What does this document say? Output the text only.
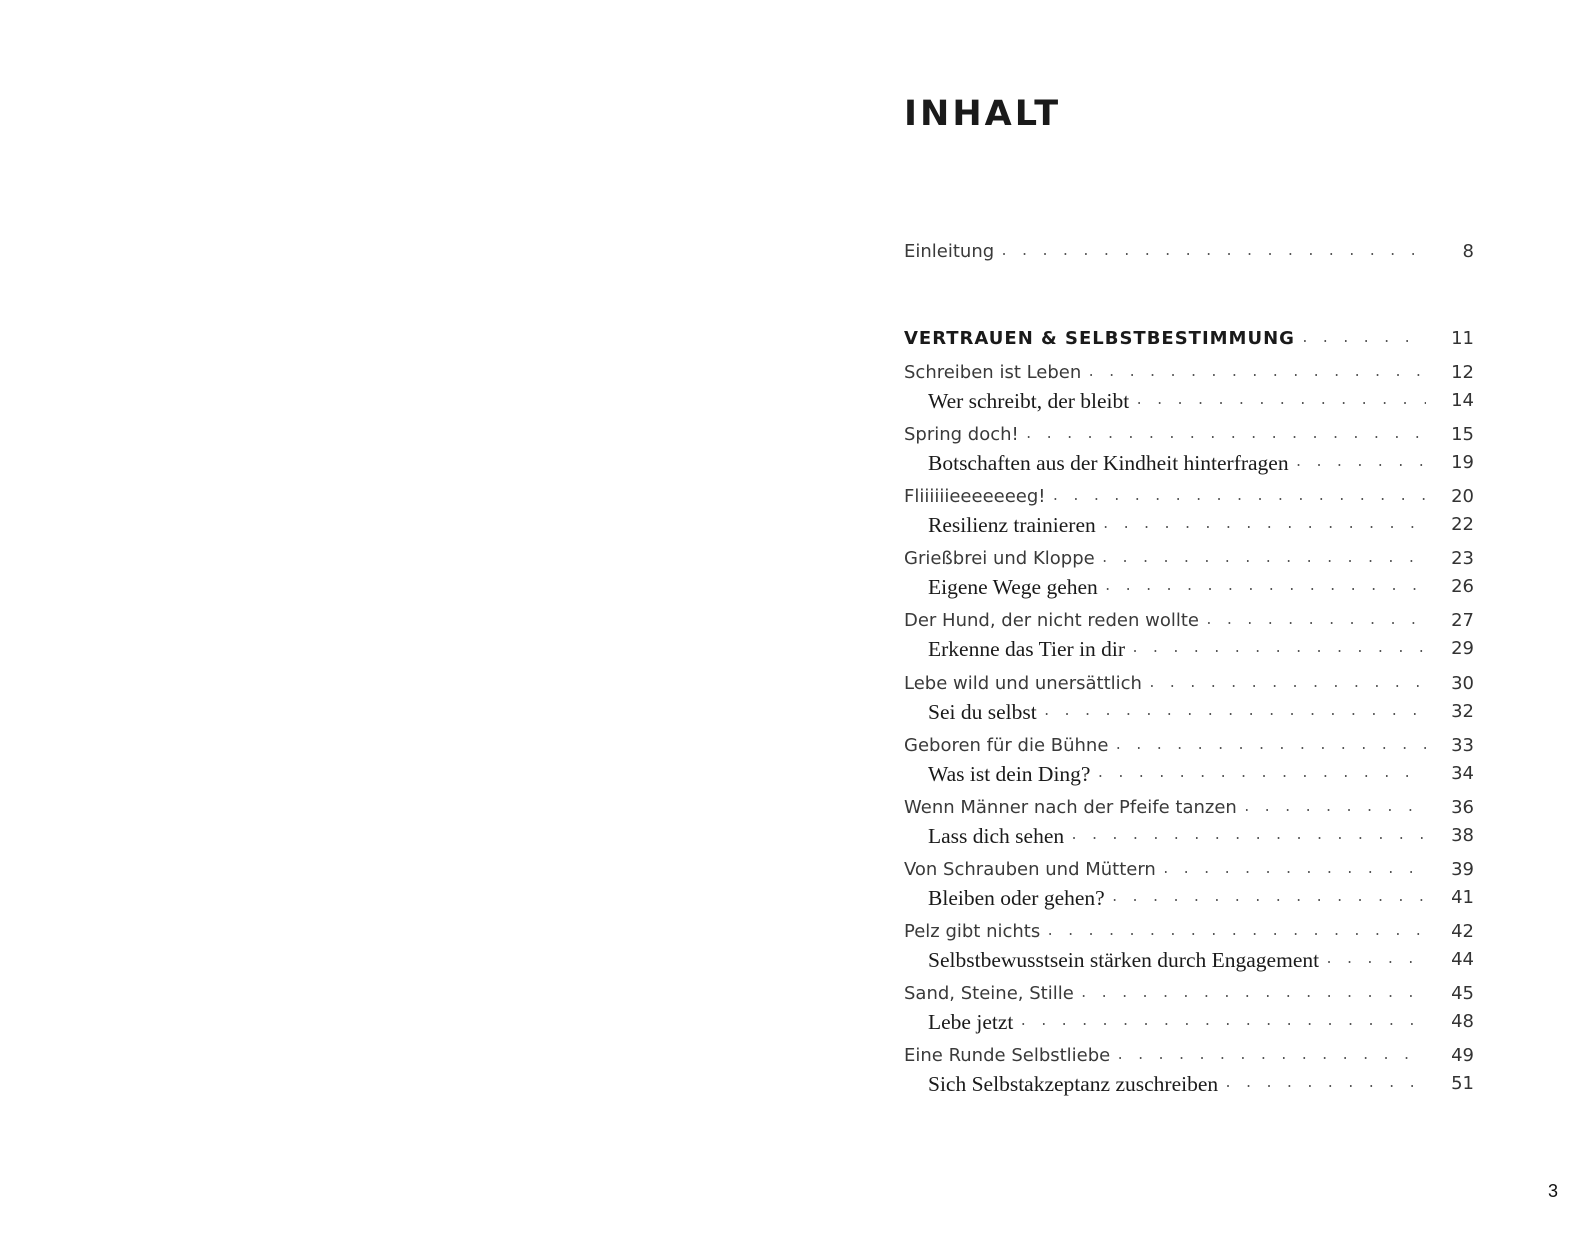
INHALT
Einleitung . . .	8
VERTRAUEN & SELBSTBESTIMMUNG . . .	11
Schreiben ist Leben . . .	12
Wer schreibt, der bleibt . . .	14
Spring doch! . . .	15
Botschaften aus der Kindheit hinterfragen . . .	19
Fliiiiiieeeeeeeg! . . .	20
Resilienz trainieren . . .	22
Grießbrei und Kloppe . . .	23
Eigene Wege gehen . . .	26
Der Hund, der nicht reden wollte . . .	27
Erkenne das Tier in dir . . .	29
Lebe wild und unersättlich . . .	30
Sei du selbst . . .	32
Geboren für die Bühne . . .	33
Was ist dein Ding? . . .	34
Wenn Männer nach der Pfeife tanzen . . .	36
Lass dich sehen . . .	38
Von Schrauben und Müttern . . .	39
Bleiben oder gehen? . . .	41
Pelz gibt nichts . . .	42
Selbstbewusstsein stärken durch Engagement . . .	44
Sand, Steine, Stille . . .	45
Lebe jetzt . . .	48
Eine Runde Selbstliebe . . .	49
Sich Selbstakzeptanz zuschreiben . . .	51
3
